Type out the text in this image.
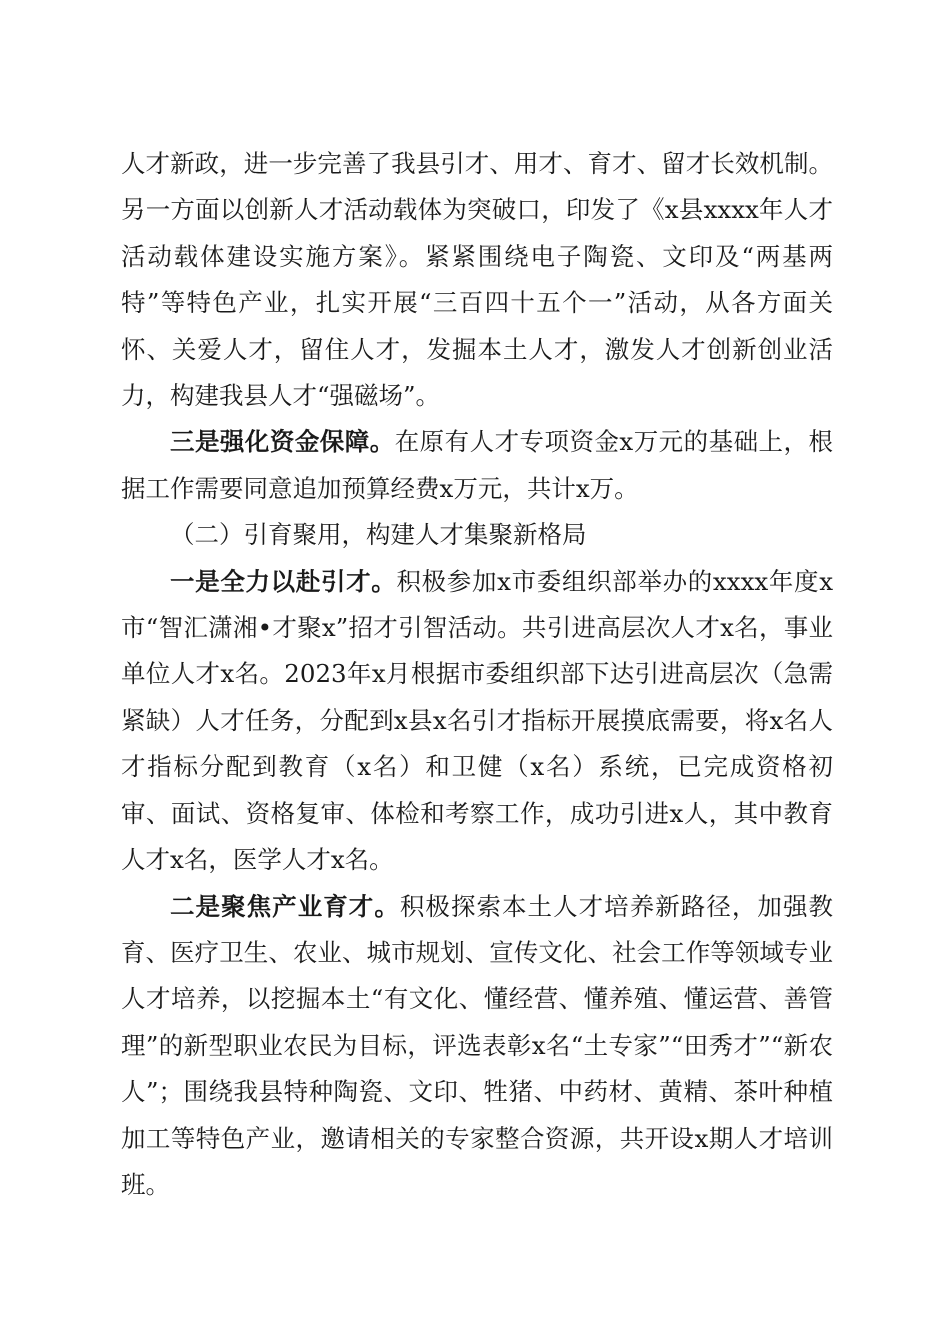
人才新政，进一步完善了我县引才、用才、育才、留才长效机制。另一方面以创新人才活动载体为突破口，印发了《x县xxxx年人才活动载体建设实施方案》。紧紧围绕电子陶瓷、文印及“两基两特”等特色产业，扎实开展“三百四十五个一”活动，从各方面关怀、关爱人才，留住人才，发掘本土人才，激发人才创新创业活力，构建我县人才“强磁场”。

三是强化资金保障。在原有人才专项资金x万元的基础上，根据工作需要同意追加预算经费x万元，共计x万。

（二）引育聚用，构建人才集聚新格局

一是全力以赴引才。积极参加x市委组织部举办的xxxx年度x市“智汇潇湘•才聚x”招才引智活动。共引进高层次人才x名，事业单位人才x名。2023年x月根据市委组织部下达引进高层次（急需紧缺）人才任务，分配到x县x名引才指标开展摸底需要，将x名人才指标分配到教育（x名）和卫健（x名）系统，已完成资格初审、面试、资格复审、体检和考察工作，成功引进x人，其中教育人才x名，医学人才x名。

二是聚焦产业育才。积极探索本土人才培养新路径，加强教育、医疗卫生、农业、城市规划、宣传文化、社会工作等领域专业人才培养，以挖掘本土“有文化、懂经营、懂养殖、懂运营、善管理”的新型职业农民为目标，评选表彰x名“土专家”“田秀才”“新农人”；围绕我县特种陶瓷、文印、牲猪、中药材、黄精、茶叶种植加工等特色产业，邀请相关的专家整合资源，共开设x期人才培训班。
